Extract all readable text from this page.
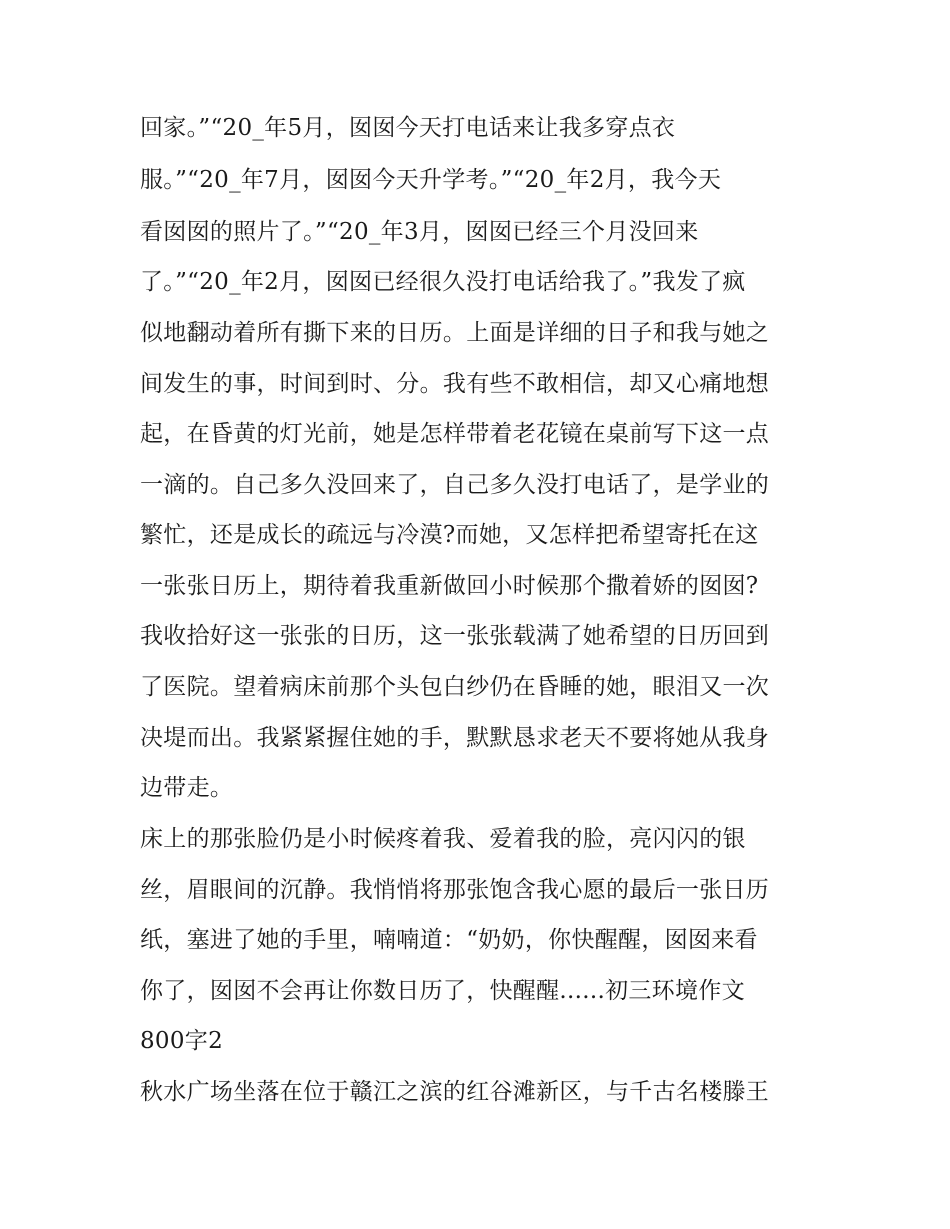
回家。”“20_年5月，囡囡今天打电话来让我多穿点衣
服。”“20_年7月，囡囡今天升学考。”“20_年2月，我今天
看囡囡的照片了。”“20_年3月，囡囡已经三个月没回来
了。”“20_年2月，囡囡已经很久没打电话给我了。”我发了疯
似地翻动着所有撕下来的日历。上面是详细的日子和我与她之
间发生的事，时间到时、分。我有些不敢相信，却又心痛地想
起，在昏黄的灯光前，她是怎样带着老花镜在桌前写下这一点
一滴的。自己多久没回来了，自己多久没打电话了，是学业的
繁忙，还是成长的疏远与冷漠?而她，又怎样把希望寄托在这
一张张日历上，期待着我重新做回小时候那个撒着娇的囡囡?
我收拾好这一张张的日历，这一张张载满了她希望的日历回到
了医院。望着病床前那个头包白纱仍在昏睡的她，眼泪又一次
决堤而出。我紧紧握住她的手，默默恳求老天不要将她从我身
边带走。
床上的那张脸仍是小时候疼着我、爱着我的脸，亮闪闪的银
丝，眉眼间的沉静。我悄悄将那张饱含我心愿的最后一张日历
纸，塞进了她的手里，喃喃道：“奶奶，你快醒醒，囡囡来看
你了，囡囡不会再让你数日历了，快醒醒......初三环境作文
800字2
秋水广场坐落在位于赣江之滨的红谷滩新区，与千古名楼滕王
